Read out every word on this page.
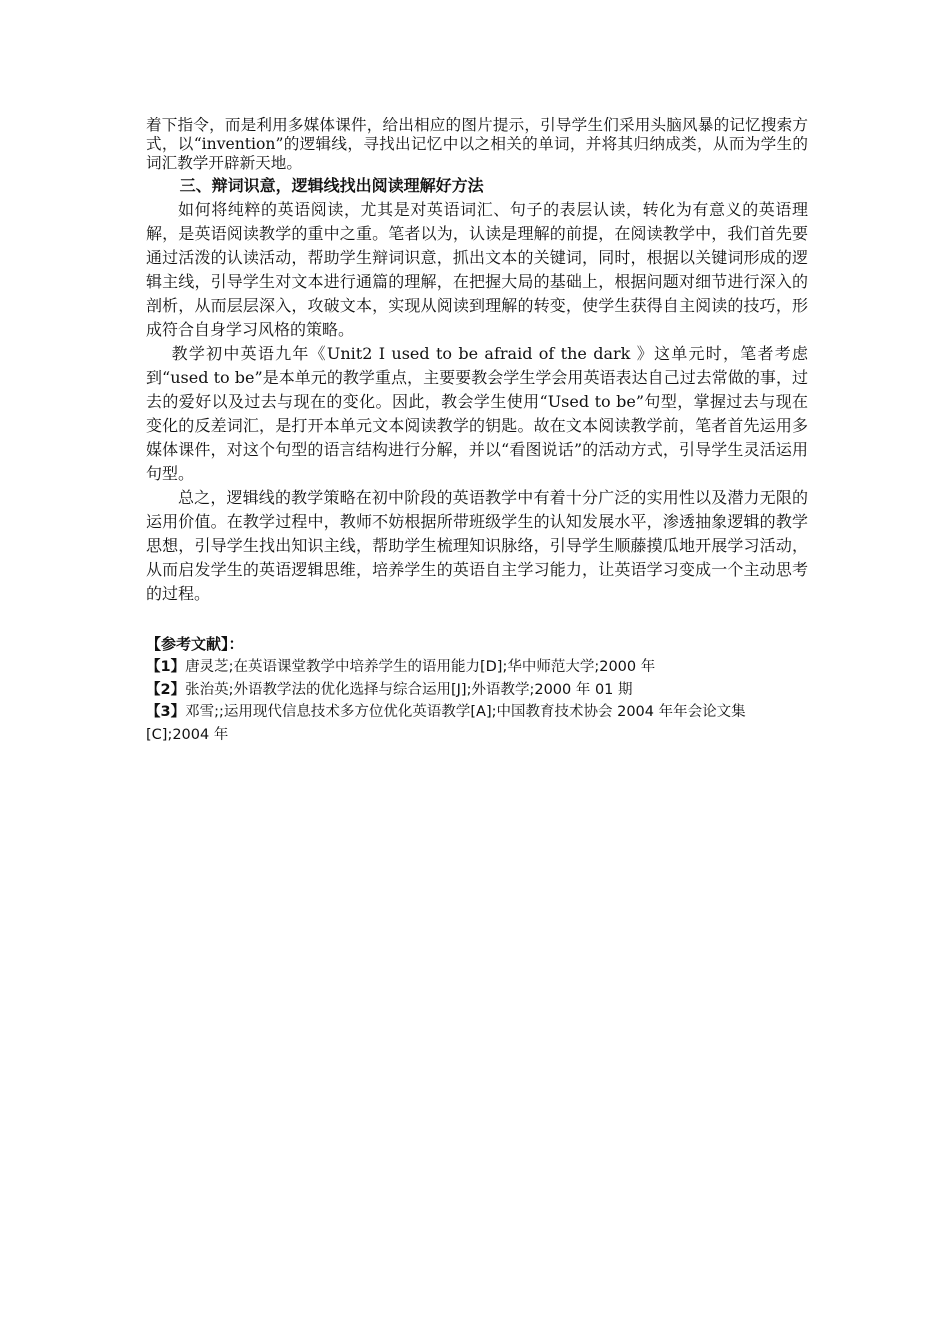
着下指令，而是利用多媒体课件，给出相应的图片提示，引导学生们采用头脑风暴的记忆搜索方式，以“invention”的逻辑线，寻找出记忆中以之相关的单词，并将其归纳成类，从而为学生的词汇教学开辟新天地。

三、辩词识意，逻辑线找出阅读理解好方法

如何将纯粹的英语阅读，尤其是对英语词汇、句子的表层认读，转化为有意义的英语理解，是英语阅读教学的重中之重。笔者以为，认读是理解的前提，在阅读教学中，我们首先要通过活泼的认读活动，帮助学生辩词识意，抓出文本的关键词，同时，根据以关键词形成的逻辑主线，引导学生对文本进行通篇的理解，在把握大局的基础上，根据问题对细节进行深入的剖析，从而层层深入，攻破文本，实现从阅读到理解的转变，使学生获得自主阅读的技巧，形成符合自身学习风格的策略。

教学初中英语九年《Unit2 I used to be afraid of the dark 》这单元时，笔者考虑到“used to be”是本单元的教学重点，主要要教会学生学会用英语表达自己过去常做的事，过去的爱好以及过去与现在的变化。因此，教会学生使用“Used to be”句型，掌握过去与现在变化的反差词汇，是打开本单元文本阅读教学的钥匙。故在文本阅读教学前，笔者首先运用多媒体课件，对这个句型的语言结构进行分解，并以“看图说话”的活动方式，引导学生灵活运用句型。

总之，逻辑线的教学策略在初中阶段的英语教学中有着十分广泛的实用性以及潜力无限的运用价值。在教学过程中，教师不妨根据所带班级学生的认知发展水平，渗透抽象逻辑的教学思想，引导学生找出知识主线，帮助学生梳理知识脉络，引导学生顺藤摸瓜地开展学习活动，从而启发学生的英语逻辑思维，培养学生的英语自主学习能力，让英语学习变成一个主动思考的过程。

【参考文献】：

【1】唐灵芝;在英语课堂教学中培养学生的语用能力[D];华中师范大学;2000 年

【2】张治英;外语教学法的优化选择与综合运用[J];外语教学;2000 年 01 期

【3】邓雪;;运用现代信息技术多方位优化英语教学[A];中国教育技术协会 2004 年年会论文集[C];2004 年
